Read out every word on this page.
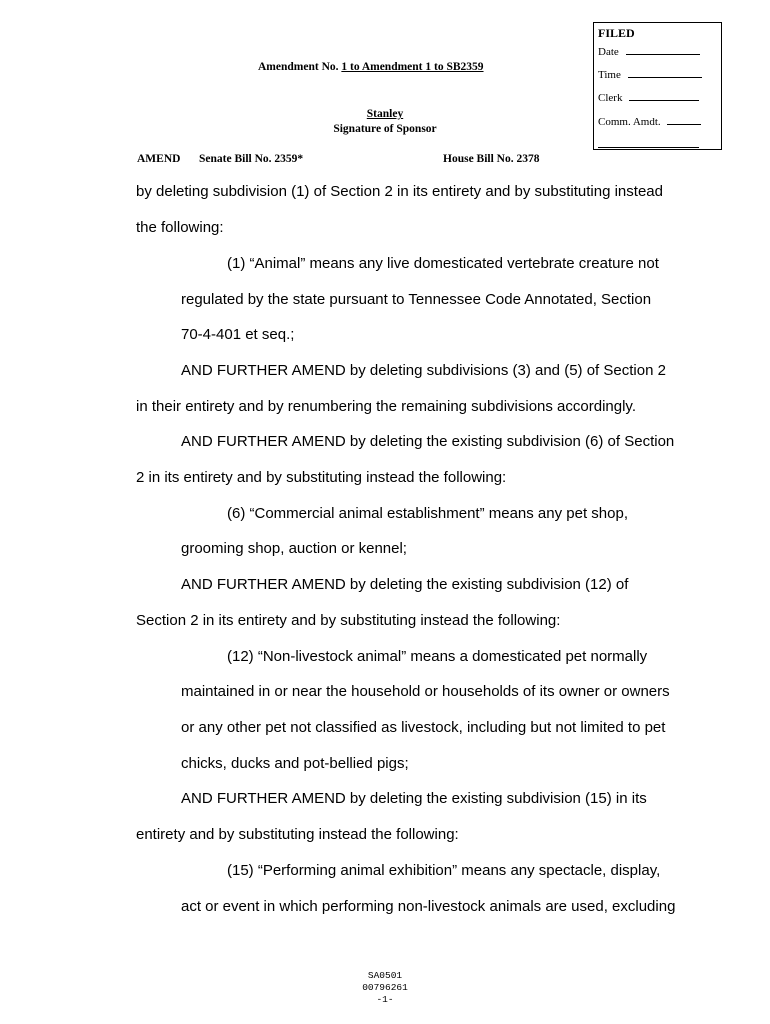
FILED
Date
Time
Clerk
Comm. Amdt.
Amendment No. 1 to Amendment 1 to SB2359
Stanley
Signature of Sponsor
AMEND Senate Bill No. 2359*	House Bill No. 2378
by deleting subdivision (1) of Section 2 in its entirety and by substituting instead
the following:
(1) “Animal” means any live domesticated vertebrate creature not
regulated by the state pursuant to Tennessee Code Annotated, Section
70-4-401 et seq.;
AND FURTHER AMEND by deleting subdivisions (3) and (5) of Section 2
in their entirety and by renumbering the remaining subdivisions accordingly.
AND FURTHER AMEND by deleting the existing subdivision (6) of Section
2 in its entirety and by substituting instead the following:
(6) “Commercial animal establishment” means any pet shop,
grooming shop, auction or kennel;
AND FURTHER AMEND by deleting the existing subdivision (12) of
Section 2 in its entirety and by substituting instead the following:
(12) “Non-livestock animal” means a domesticated pet normally
maintained in or near the household or households of its owner or owners
or any other pet not classified as livestock, including but not limited to pet
chicks, ducks and pot-bellied pigs;
AND FURTHER AMEND by deleting the existing subdivision (15) in its
entirety and by substituting instead the following:
(15) “Performing animal exhibition” means any spectacle, display,
act or event in which performing non-livestock animals are used, excluding
SA0501
00796261
-1-
